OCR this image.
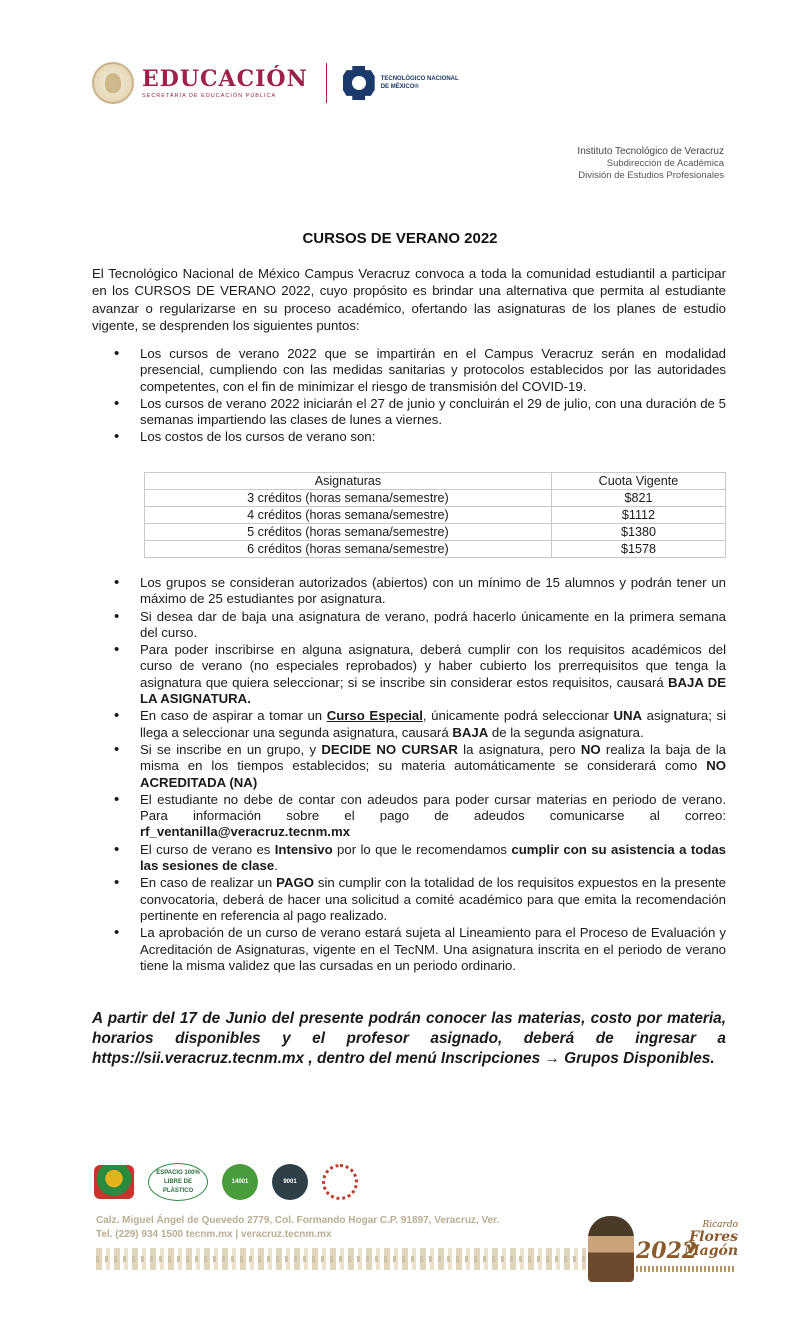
EDUCACIÓN
SECRETARÍA DE EDUCACIÓN PÚBLICA
TECNOLÓGICO NACIONAL DE MÉXICO®
Instituto Tecnológico de Veracruz
Subdirección de Académica
División de Estudios Profesionales
CURSOS DE VERANO 2022
El Tecnológico Nacional de México Campus Veracruz convoca a toda la comunidad estudiantil a participar en los CURSOS DE VERANO 2022, cuyo propósito es brindar una alternativa que permita al estudiante avanzar o regularizarse en su proceso académico, ofertando las asignaturas de los planes de estudio vigente, se desprenden los siguientes puntos:
• Los cursos de verano 2022 que se impartirán en el Campus Veracruz serán en modalidad presencial, cumpliendo con las medidas sanitarias y protocolos establecidos por las autoridades competentes, con el fin de minimizar el riesgo de transmisión del COVID-19.
• Los cursos de verano 2022 iniciarán el 27 de junio y concluirán el 29 de julio, con una duración de 5 semanas impartiendo las clases de lunes a viernes.
• Los costos de los cursos de verano son:
Asignaturas	Cuota Vigente
3 créditos (horas semana/semestre)	$821
4 créditos (horas semana/semestre)	$1112
5 créditos (horas semana/semestre)	$1380
6 créditos (horas semana/semestre)	$1578
• Los grupos se consideran autorizados (abiertos) con un mínimo de 15 alumnos y podrán tener un máximo de 25 estudiantes por asignatura.
• Si desea dar de baja una asignatura de verano, podrá hacerlo únicamente en la primera semana del curso.
• Para poder inscribirse en alguna asignatura, deberá cumplir con los requisitos académicos del curso de verano (no especiales reprobados) y haber cubierto los prerrequisitos que tenga la asignatura que quiera seleccionar; si se inscribe sin considerar estos requisitos, causará BAJA DE LA ASIGNATURA.
• En caso de aspirar a tomar un Curso Especial, únicamente podrá seleccionar UNA asignatura; si llega a seleccionar una segunda asignatura, causará BAJA de la segunda asignatura.
• Si se inscribe en un grupo, y DECIDE NO CURSAR la asignatura, pero NO realiza la baja de la misma en los tiempos establecidos; su materia automáticamente se considerará como NO ACREDITADA (NA)
• El estudiante no debe de contar con adeudos para poder cursar materias en periodo de verano. Para información sobre el pago de adeudos comunicarse al correo: rf_ventanilla@veracruz.tecnm.mx
• El curso de verano es Intensivo por lo que le recomendamos cumplir con su asistencia a todas las sesiones de clase.
• En caso de realizar un PAGO sin cumplir con la totalidad de los requisitos expuestos en la presente convocatoria, deberá de hacer una solicitud a comité académico para que emita la recomendación pertinente en referencia al pago realizado.
• La aprobación de un curso de verano estará sujeta al Lineamiento para el Proceso de Evaluación y Acreditación de Asignaturas, vigente en el TecNM. Una asignatura inscrita en el periodo de verano tiene la misma validez que las cursadas en un periodo ordinario.
A partir del 17 de Junio del presente podrán conocer las materias, costo por materia, horarios disponibles y el profesor asignado, deberá de ingresar a https://sii.veracruz.tecnm.mx , dentro del menú Inscripciones → Grupos Disponibles.
ESPACIO 100% LIBRE DE PLÁSTICO
14001	9001
Calz. Miguel Ángel de Quevedo 2779, Col. Formando Hogar C.P. 91897, Veracruz, Ver.
Tel. (229) 934 1500 tecnm.mx | veracruz.tecnm.mx
2022
Ricardo
Flores Magón
